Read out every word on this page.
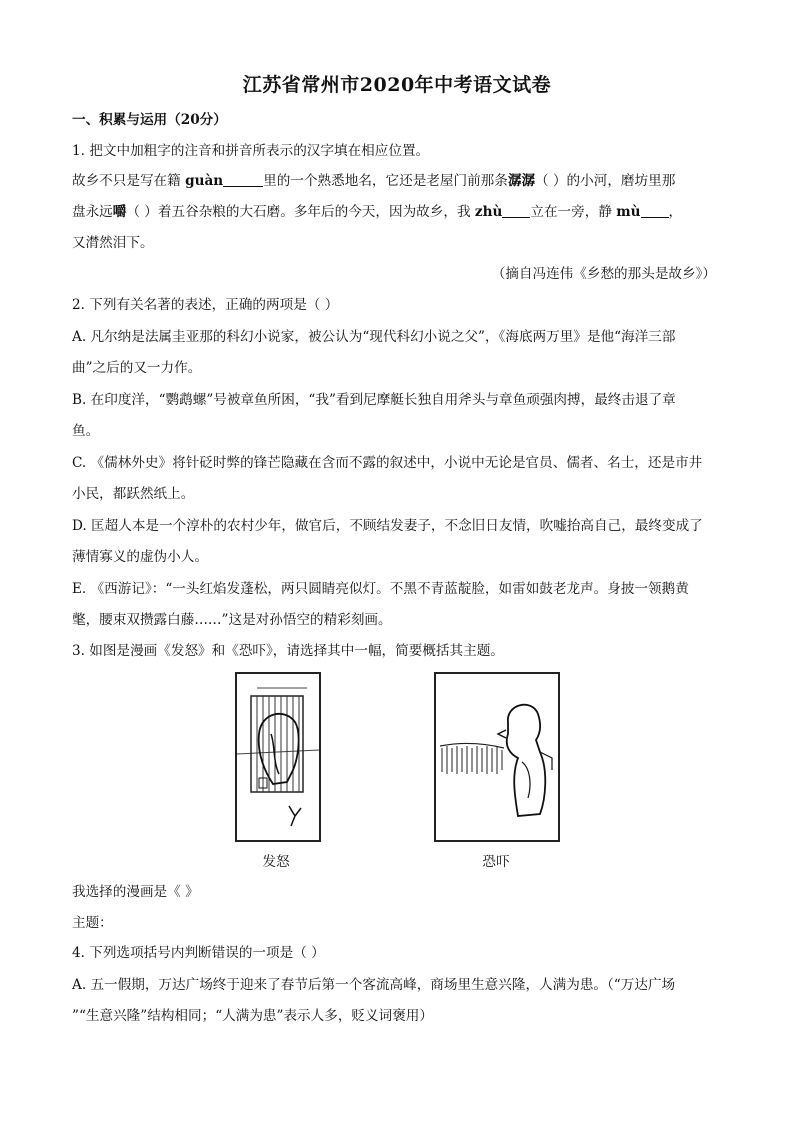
江苏省常州市2020年中考语文试卷
一、积累与运用（20分）
1. 把文中加粗字的注音和拼音所表示的汉字填在相应位置。
故乡不只是写在籍 guàn	里的一个熟悉地名，它还是老屋门前那条潺潺（ ）的小河，磨坊里那
盘永远嚼（ ）着五谷杂粮的大石磨。多年后的今天，因为故乡，我 zhù 立在一旁，静 mù ，
又潸然泪下。
（摘自冯连伟《乡愁的那头是故乡》）
2. 下列有关名著的表述，正确的两项是（ ）
A. 凡尔纳是法属圭亚那的科幻小说家，被公认为“现代科幻小说之父”，《海底两万里》是他“海洋三部
曲”之后的又一力作。
B. 在印度洋，“鹦鹉螺”号被章鱼所困，“我”看到尼摩艇长独自用斧头与章鱼顽强肉搏，最终击退了章
鱼。
C. 《儒林外史》将针砭时弊的锋芒隐藏在含而不露的叙述中，小说中无论是官员、儒者、名士，还是市井
小民，都跃然纸上。
D. 匡超人本是一个淳朴的农村少年，做官后，不顾结发妻子，不念旧日友情，吹嘘抬高自己，最终变成了
薄情寡义的虚伪小人。
E. 《西游记》：“一头红焰发蓬松，两只圆睛亮似灯。不黑不青蓝靛脸，如雷如鼓老龙声。身披一领鹅黄
氅，腰束双攒露白藤……”这是对孙悟空的精彩刻画。
3. 如图是漫画《发怒》和《恐吓》，请选择其中一幅，简要概括其主题。
发怒	恐吓
我选择的漫画是《 》
主题：
4. 下列选项括号内判断错误的一项是（ ）
A. 五一假期，万达广场终于迎来了春节后第一个客流高峰，商场里生意兴隆，人满为患。（“万达广场
”“生意兴隆”结构相同；“人满为患”表示人多，贬义词褒用）
